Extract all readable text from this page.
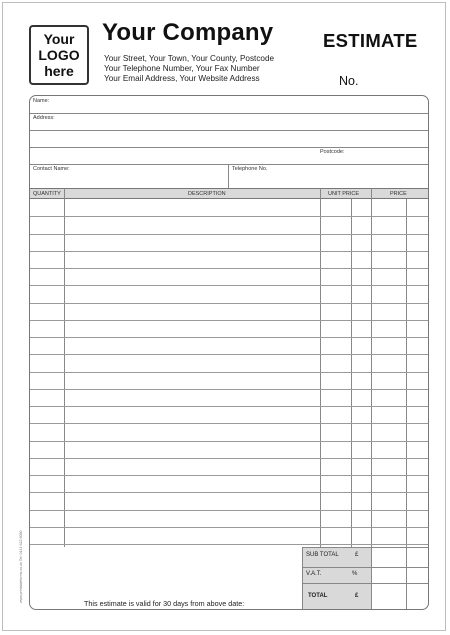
Your
LOGO
here
Your Company
Your Street, Your Town, Your County, Postcode
Your Telephone Number, Your Fax Number
Your Email Address, Your Website Address
ESTIMATE
No.
Name:
Address:
Postcode:
Contact Name:	Telephone No.
QUANTITY	DESCRIPTION	UNIT PRICE	PRICE
SUB TOTAL	£
V.A.T.	%
TOTAL	£
This estimate is valid for 30 days from above date:
www.printableforms.co.uk Tel: 0141 622 6080
